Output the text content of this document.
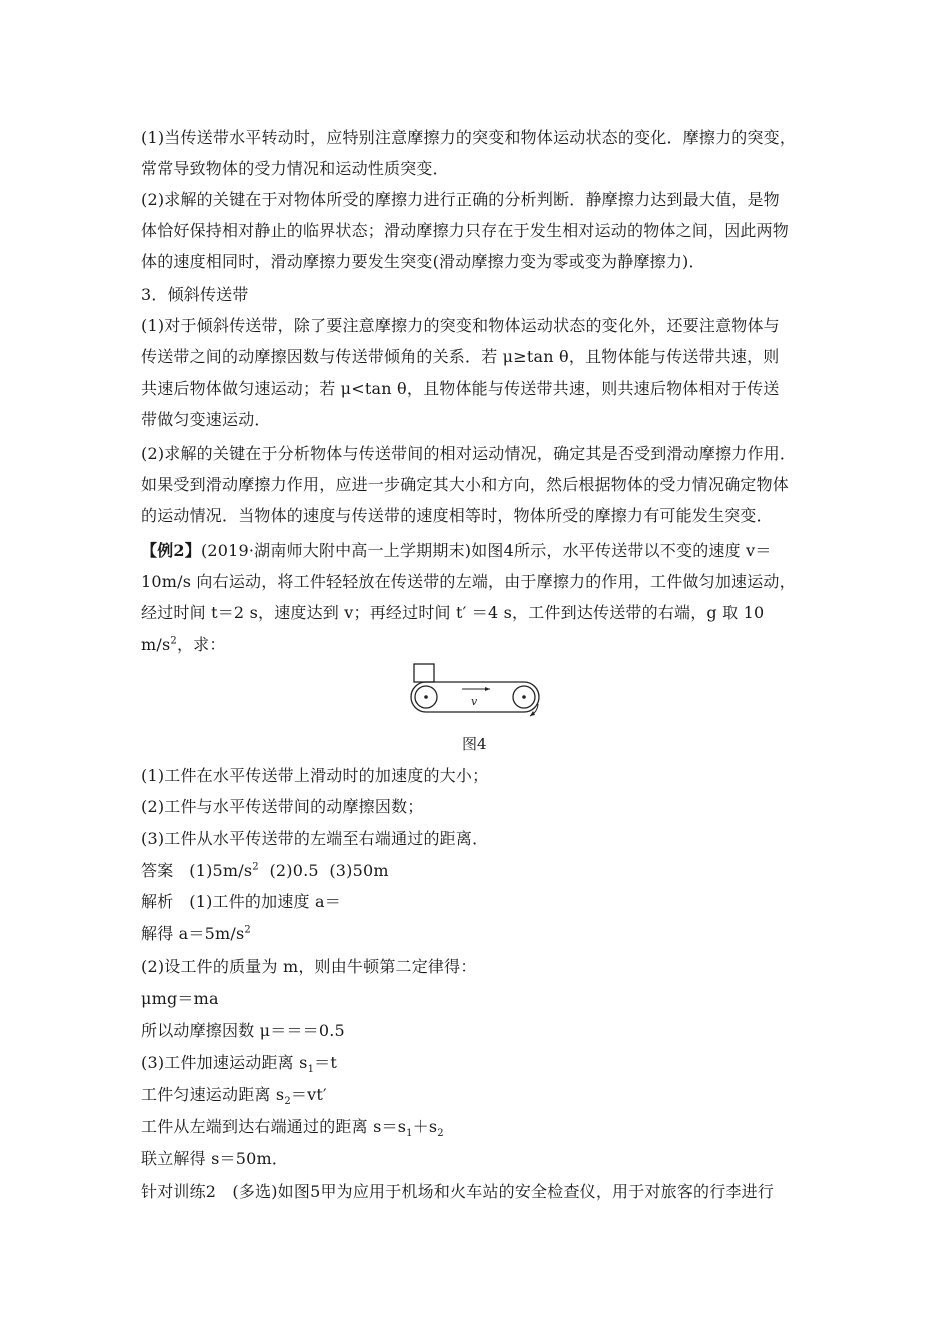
(1)当传送带水平转动时，应特别注意摩擦力的突变和物体运动状态的变化．摩擦力的突变，
常常导致物体的受力情况和运动性质突变．
(2)求解的关键在于对物体所受的摩擦力进行正确的分析判断．静摩擦力达到最大值，是物
体恰好保持相对静止的临界状态；滑动摩擦力只存在于发生相对运动的物体之间，因此两物
体的速度相同时，滑动摩擦力要发生突变(滑动摩擦力变为零或变为静摩擦力)．
3．倾斜传送带
(1)对于倾斜传送带，除了要注意摩擦力的突变和物体运动状态的变化外，还要注意物体与
传送带之间的动摩擦因数与传送带倾角的关系．若 μ≥tan θ，且物体能与传送带共速，则
共速后物体做匀速运动；若 μ<tan θ，且物体能与传送带共速，则共速后物体相对于传送
带做匀变速运动．
(2)求解的关键在于分析物体与传送带间的相对运动情况，确定其是否受到滑动摩擦力作用．
如果受到滑动摩擦力作用，应进一步确定其大小和方向，然后根据物体的受力情况确定物体
的运动情况．当物体的速度与传送带的速度相等时，物体所受的摩擦力有可能发生突变．
【例2】(2019·湖南师大附中高一上学期期末)如图4所示，水平传送带以不变的速度 v＝
10m/s 向右运动，将工件轻轻放在传送带的左端，由于摩擦力的作用，工件做匀加速运动，
经过时间 t＝2 s，速度达到 v；再经过时间 t′ ＝4 s，工件到达传送带的右端，g 取 10
$m/s^2$，求：
v
图4
(1)工件在水平传送带上滑动时的加速度的大小；
(2)工件与水平传送带间的动摩擦因数；
(3)工件从水平传送带的左端至右端通过的距离．
答案 $(1)5m/s^2$ (2)0.5 (3)50m
解析 (1)工件的加速度 a＝
解得 $a=5m/s^2$
(2)设工件的质量为 m，则由牛顿第二定律得：
μmg＝ma
所以动摩擦因数 μ＝＝＝0.5
(3)工件加速运动距离 $s_1=t$
工件匀速运动距离 $s_2=vt'$
工件从左端到达右端通过的距离 $s=s_1+s_2$
联立解得 s＝50m．
针对训练2　(多选)如图5甲为应用于机场和火车站的安全检查仪，用于对旅客的行李进行
